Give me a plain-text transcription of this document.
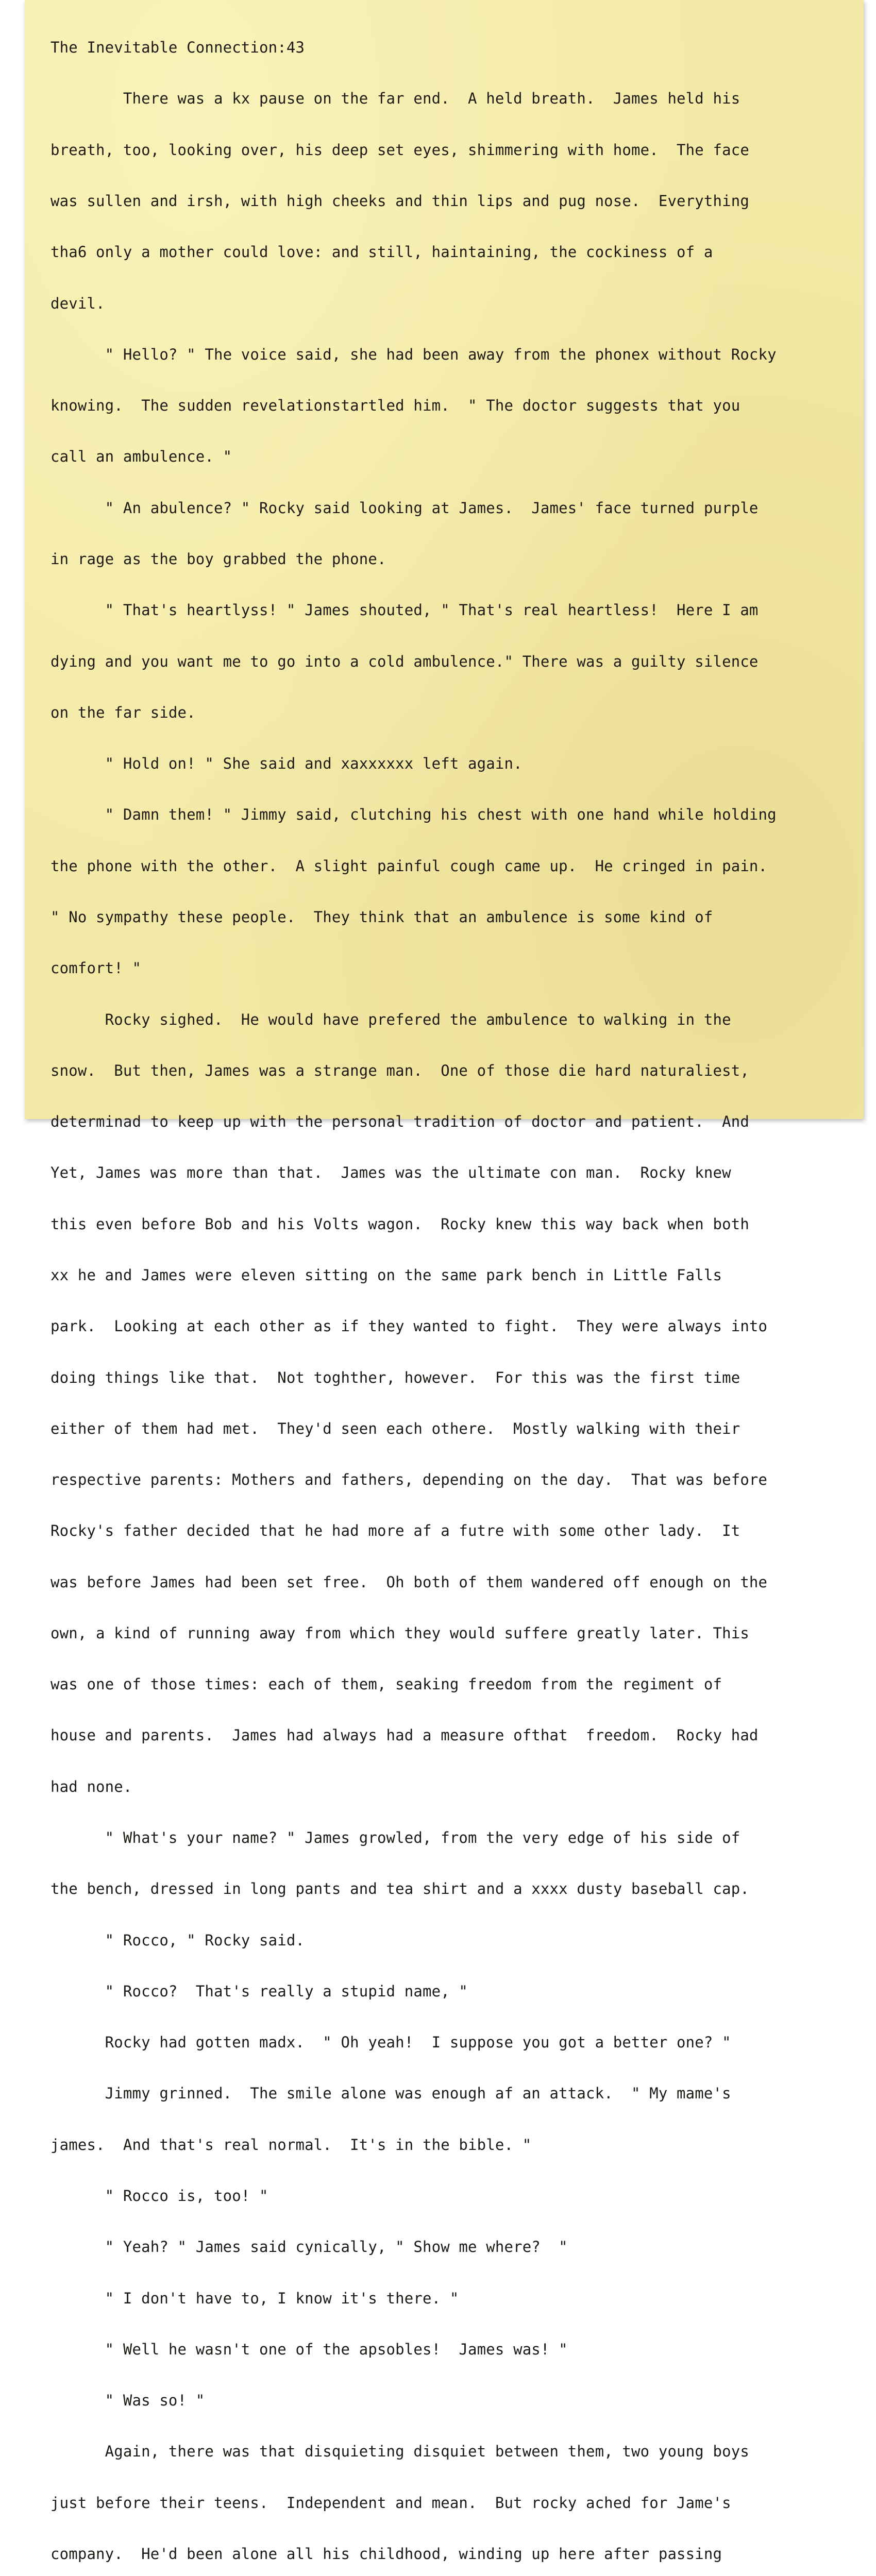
The Inevitable Connection:43

There was a kx pause on the far end.  A held breath.  James held his

breath, too, looking over, his deep set eyes, shimmering with home.  The face

was sullen and irsh, with high cheeks and thin lips and pug nose.  Everything

tha6 only a mother could love: and still, haintaining, the cockiness of a

devil.

" Hello? " The voice said, she had been away from the phonex without Rocky

knowing.  The sudden revelationstartled him.  " The doctor suggests that you

call an ambulence. "

" An abulence? " Rocky said looking at James.  James' face turned purple

in rage as the boy grabbed the phone.

" That's heartlyss! " James shouted, " That's real heartless!  Here I am

dying and you want me to go into a cold ambulence." There was a guilty silence

on the far side.

" Hold on! " She said and xaxxxxxx left again.

" Damn them! " Jimmy said, clutching his chest with one hand while holding

the phone with the other.  A slight painful cough came up.  He cringed in pain.

" No sympathy these people.  They think that an ambulence is some kind of

comfort! "

Rocky sighed.  He would have prefered the ambulence to walking in the

snow.  But then, James was a strange man.  One of those die hard naturaliest,

determinad to keep up with the personal tradition of doctor and patient.  And

Yet, James was more than that.  James was the ultimate con man.  Rocky knew

this even before Bob and his Volts wagon.  Rocky knew this way back when both

xx he and James were eleven sitting on the same park bench in Little Falls

park.  Looking at each other as if they wanted to fight.  They were always into

doing things like that.  Not toghther, however.  For this was the first time

either of them had met.  They'd seen each othere.  Mostly walking with their

respective parents: Mothers and fathers, depending on the day.  That was before

Rocky's father decided that he had more af a futre with some other lady.  It

was before James had been set free.  Oh both of them wandered off enough on the

own, a kind of running away from which they would suffere greatly later. This

was one of those times: each of them, seaking freedom from the regiment of

house and parents.  James had always had a measure ofthat  freedom.  Rocky had

had none.

" What's your name? " James growled, from the very edge of his side of

the bench, dressed in long pants and tea shirt and a xxxx dusty baseball cap.

" Rocco, " Rocky said.

" Rocco?  That's really a stupid name, "

Rocky had gotten madx.  " Oh yeah!  I suppose you got a better one? "

Jimmy grinned.  The smile alone was enough af an attack.  " My mame's

james.  And that's real normal.  It's in the bible. "

" Rocco is, too! "

" Yeah? " James said cynically, " Show me where?  "

" I don't have to, I know it's there. "

" Well he wasn't one of the apsobles!  James was! "

" Was so! "

Again, there was that disquieting disquiet between them, two young boys

just before their teens.  Independent and mean.  But rocky ached for Jame's

company.  He'd been alone all his childhood, winding up here after passing
